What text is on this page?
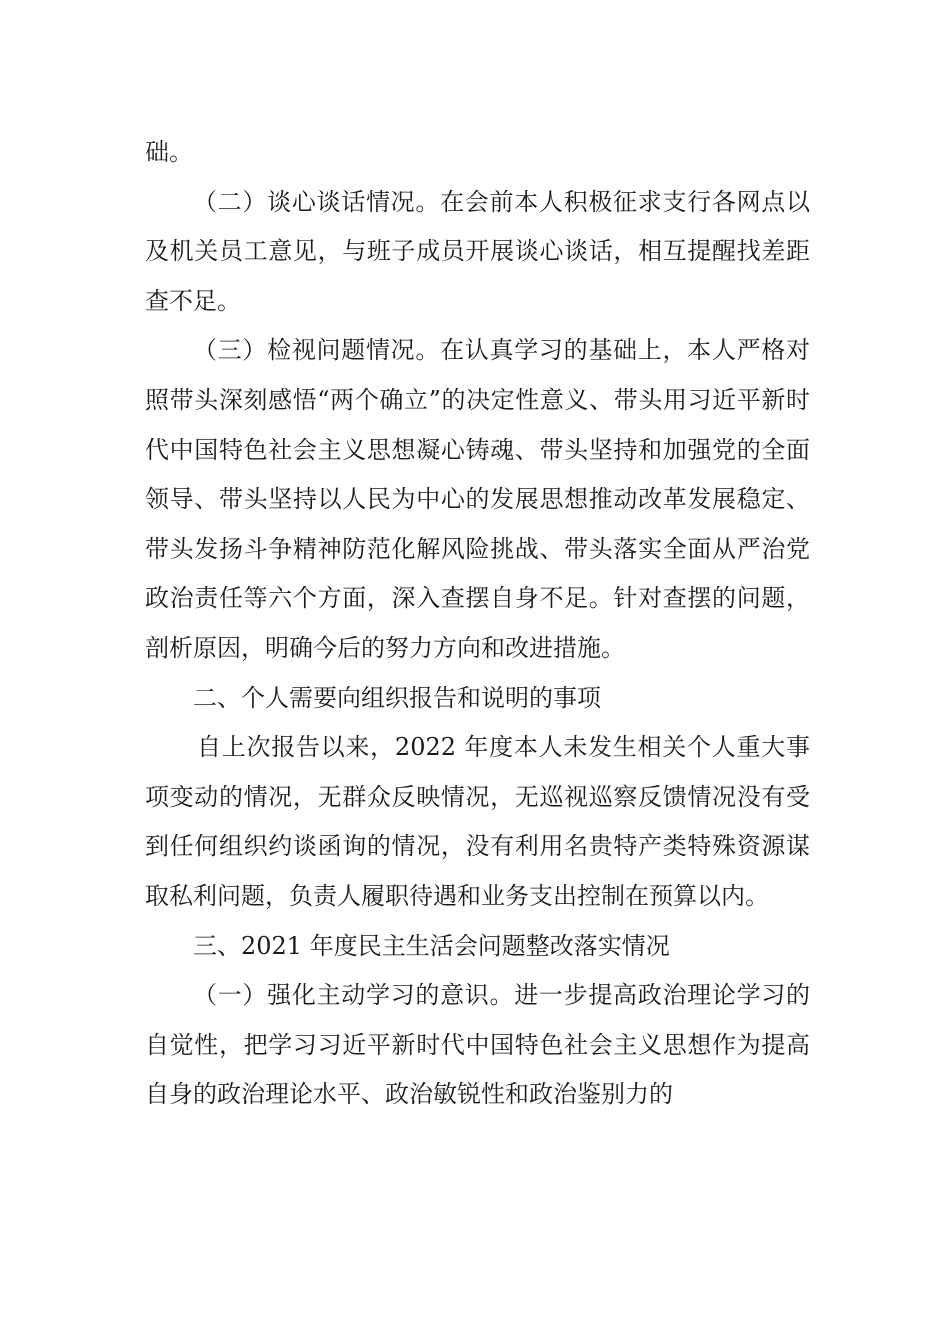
础。

（二）谈心谈话情况。在会前本人积极征求支行各网点以及机关员工意见，与班子成员开展谈心谈话，相互提醒找差距查不足。

（三）检视问题情况。在认真学习的基础上，本人严格对照带头深刻感悟“两个确立”的决定性意义、带头用习近平新时代中国特色社会主义思想凝心铸魂、带头坚持和加强党的全面领导、带头坚持以人民为中心的发展思想推动改革发展稳定、带头发扬斗争精神防范化解风险挑战、带头落实全面从严治党政治责任等六个方面，深入查摆自身不足。针对查摆的问题，剖析原因，明确今后的努力方向和改进措施。

二、个人需要向组织报告和说明的事项

自上次报告以来，2022 年度本人未发生相关个人重大事项变动的情况，无群众反映情况，无巡视巡察反馈情况没有受到任何组织约谈函询的情况，没有利用名贵特产类特殊资源谋取私利问题，负责人履职待遇和业务支出控制在预算以内。

三、2021 年度民主生活会问题整改落实情况

（一）强化主动学习的意识。进一步提高政治理论学习的自觉性，把学习习近平新时代中国特色社会主义思想作为提高自身的政治理论水平、政治敏锐性和政治鉴别力的
